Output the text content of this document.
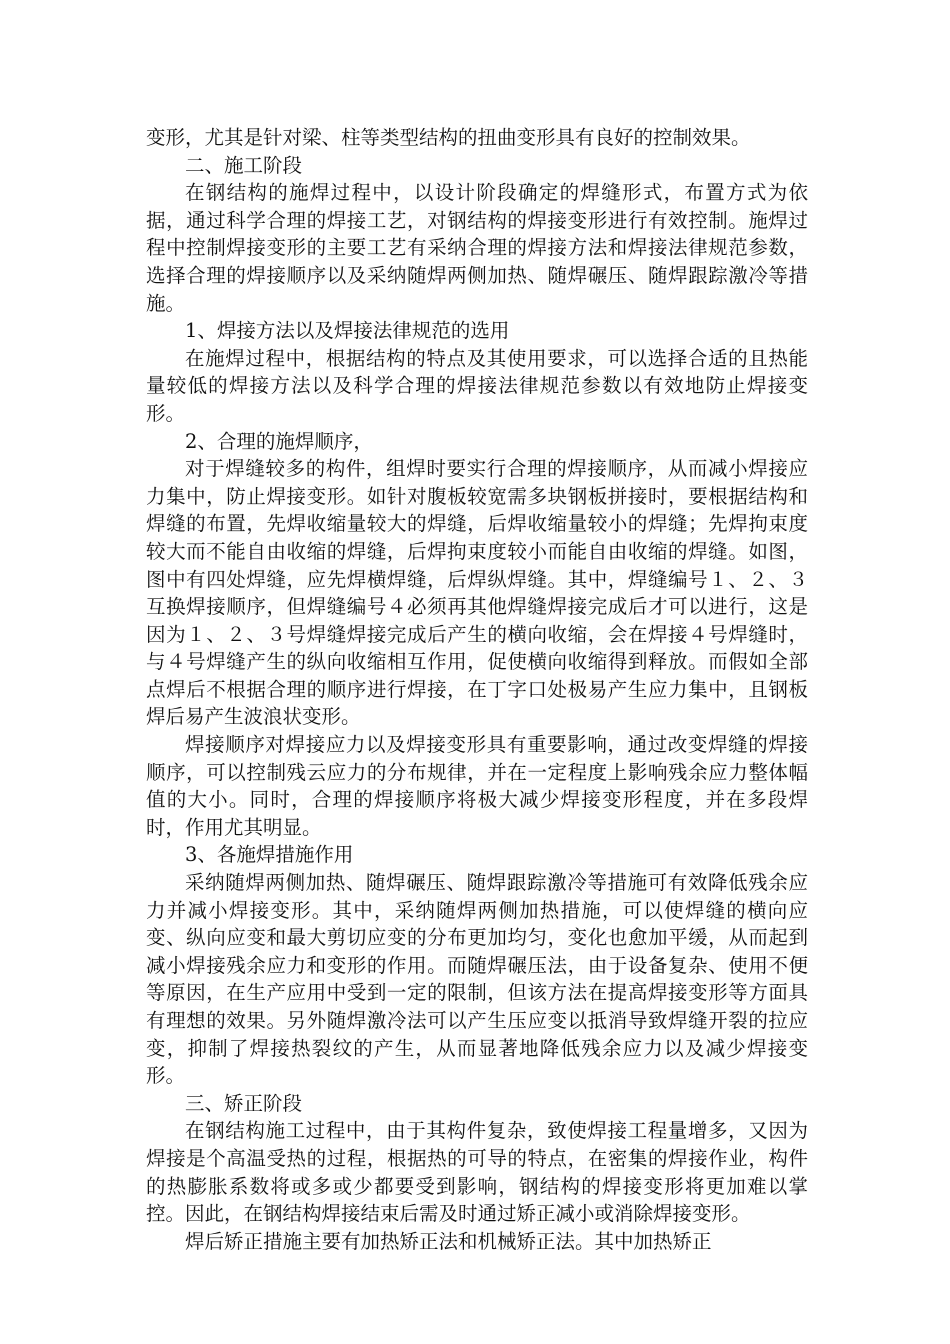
变形，尤其是针对梁、柱等类型结构的扭曲变形具有良好的控制效果。

二、施工阶段

在钢结构的施焊过程中，以设计阶段确定的焊缝形式，布置方式为依据，通过科学合理的焊接工艺，对钢结构的焊接变形进行有效控制。施焊过程中控制焊接变形的主要工艺有采纳合理的焊接方法和焊接法律规范参数，选择合理的焊接顺序以及采纳随焊两侧加热、随焊碾压、随焊跟踪激冷等措施。

1、焊接方法以及焊接法律规范的选用

在施焊过程中，根据结构的特点及其使用要求，可以选择合适的且热能量较低的焊接方法以及科学合理的焊接法律规范参数以有效地防止焊接变形。

2、合理的施焊顺序，

对于焊缝较多的构件，组焊时要实行合理的焊接顺序，从而减小焊接应力集中，防止焊接变形。如针对腹板较宽需多块钢板拼接时，要根据结构和焊缝的布置，先焊收缩量较大的焊缝，后焊收缩量较小的焊缝；先焊拘束度较大而不能自由收缩的焊缝，后焊拘束度较小而能自由收缩的焊缝。如图，图中有四处焊缝，应先焊横焊缝，后焊纵焊缝。其中，焊缝编号１、２、３互换焊接顺序，但焊缝编号４必须再其他焊缝焊接完成后才可以进行，这是因为１、２、３号焊缝焊接完成后产生的横向收缩，会在焊接４号焊缝时，与４号焊缝产生的纵向收缩相互作用，促使横向收缩得到释放。而假如全部点焊后不根据合理的顺序进行焊接，在丁字口处极易产生应力集中，且钢板焊后易产生波浪状变形。

焊接顺序对焊接应力以及焊接变形具有重要影响，通过改变焊缝的焊接顺序，可以控制残云应力的分布规律，并在一定程度上影响残余应力整体幅值的大小。同时，合理的焊接顺序将极大减少焊接变形程度，并在多段焊时，作用尤其明显。

3、各施焊措施作用

采纳随焊两侧加热、随焊碾压、随焊跟踪激冷等措施可有效降低残余应力并减小焊接变形。其中，采纳随焊两侧加热措施，可以使焊缝的横向应变、纵向应变和最大剪切应变的分布更加均匀，变化也愈加平缓，从而起到减小焊接残余应力和变形的作用。而随焊碾压法，由于设备复杂、使用不便等原因，在生产应用中受到一定的限制，但该方法在提高焊接变形等方面具有理想的效果。另外随焊激冷法可以产生压应变以抵消导致焊缝开裂的拉应变，抑制了焊接热裂纹的产生，从而显著地降低残余应力以及减少焊接变形。

三、矫正阶段

在钢结构施工过程中，由于其构件复杂，致使焊接工程量增多，又因为焊接是个高温受热的过程，根据热的可导的特点，在密集的焊接作业，构件的热膨胀系数将或多或少都要受到影响，钢结构的焊接变形将更加难以掌控。因此，在钢结构焊接结束后需及时通过矫正减小或消除焊接变形。

焊后矫正措施主要有加热矫正法和机械矫正法。其中加热矫正
